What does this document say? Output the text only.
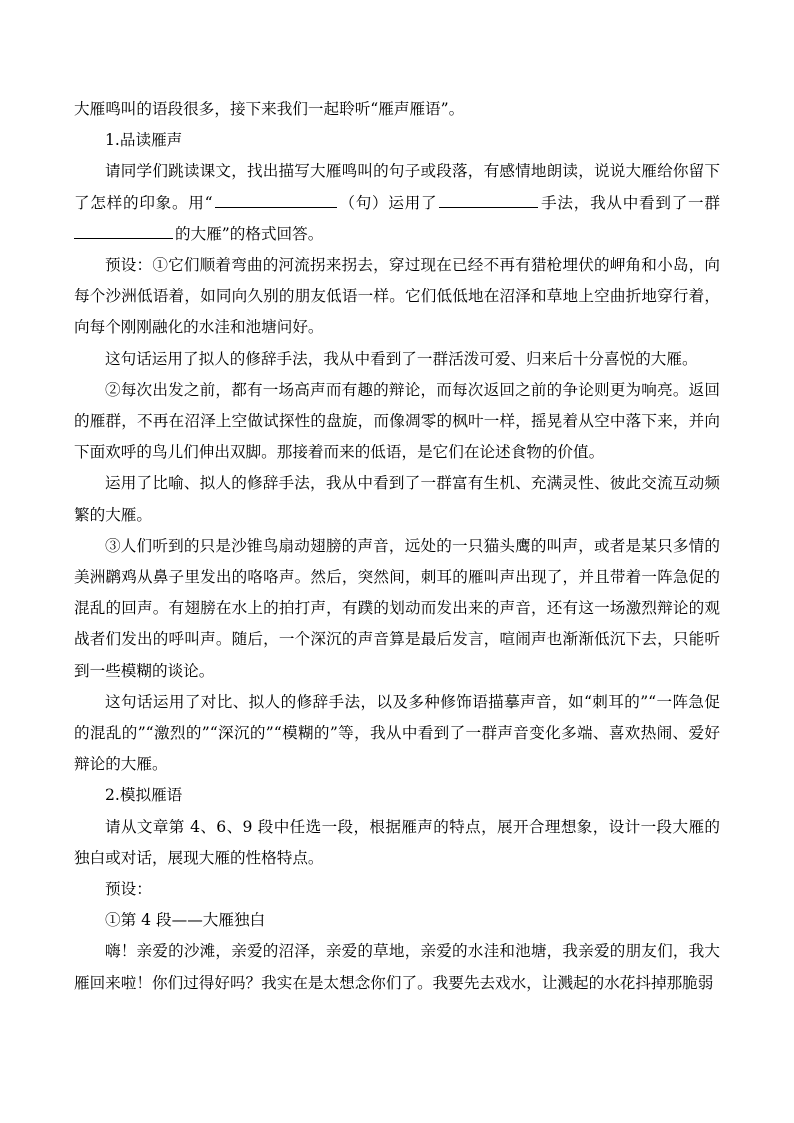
大雁鸣叫的语段很多，接下来我们一起聆听“雁声雁语”。

1.品读雁声

请同学们跳读课文，找出描写大雁鸣叫的句子或段落，有感情地朗读，说说大雁给你留下了怎样的印象。用“	（句）运用了	手法，我从中看到了一群的大雁”的格式回答。

预设：①它们顺着弯曲的河流拐来拐去，穿过现在已经不再有猎枪埋伏的岬角和小岛，向每个沙洲低语着，如同向久别的朋友低语一样。它们低低地在沼泽和草地上空曲折地穿行着，向每个刚刚融化的水洼和池塘问好。

这句话运用了拟人的修辞手法，我从中看到了一群活泼可爱、归来后十分喜悦的大雁。

②每次出发之前，都有一场高声而有趣的辩论，而每次返回之前的争论则更为响亮。返回的雁群，不再在沼泽上空做试探性的盘旋，而像凋零的枫叶一样，摇晃着从空中落下来，并向下面欢呼的鸟儿们伸出双脚。那接着而来的低语，是它们在论述食物的价值。

运用了比喻、拟人的修辞手法，我从中看到了一群富有生机、充满灵性、彼此交流互动频繁的大雁。

③人们听到的只是沙锥鸟扇动翅膀的声音，远处的一只猫头鹰的叫声，或者是某只多情的美洲䴙鸡从鼻子里发出的咯咯声。然后，突然间，刺耳的雁叫声出现了，并且带着一阵急促的混乱的回声。有翅膀在水上的拍打声，有蹼的划动而发出来的声音，还有这一场激烈辩论的观战者们发出的呼叫声。随后，一个深沉的声音算是最后发言，喧闹声也渐渐低沉下去，只能听到一些模糊的谈论。

这句话运用了对比、拟人的修辞手法，以及多种修饰语描摹声音，如“刺耳的”“一阵急促的混乱的”“激烈的”“深沉的”“模糊的”等，我从中看到了一群声音变化多端、喜欢热闹、爱好辩论的大雁。

2.模拟雁语

请从文章第 4、6、9 段中任选一段，根据雁声的特点，展开合理想象，设计一段大雁的独白或对话，展现大雁的性格特点。

预设：

①第 4 段——大雁独白

嗨！亲爱的沙滩，亲爱的沼泽，亲爱的草地，亲爱的水洼和池塘，我亲爱的朋友们，我大雁回来啦！你们过得好吗？我实在是太想念你们了。我要先去戏水，让溅起的水花抖掉那脆弱
